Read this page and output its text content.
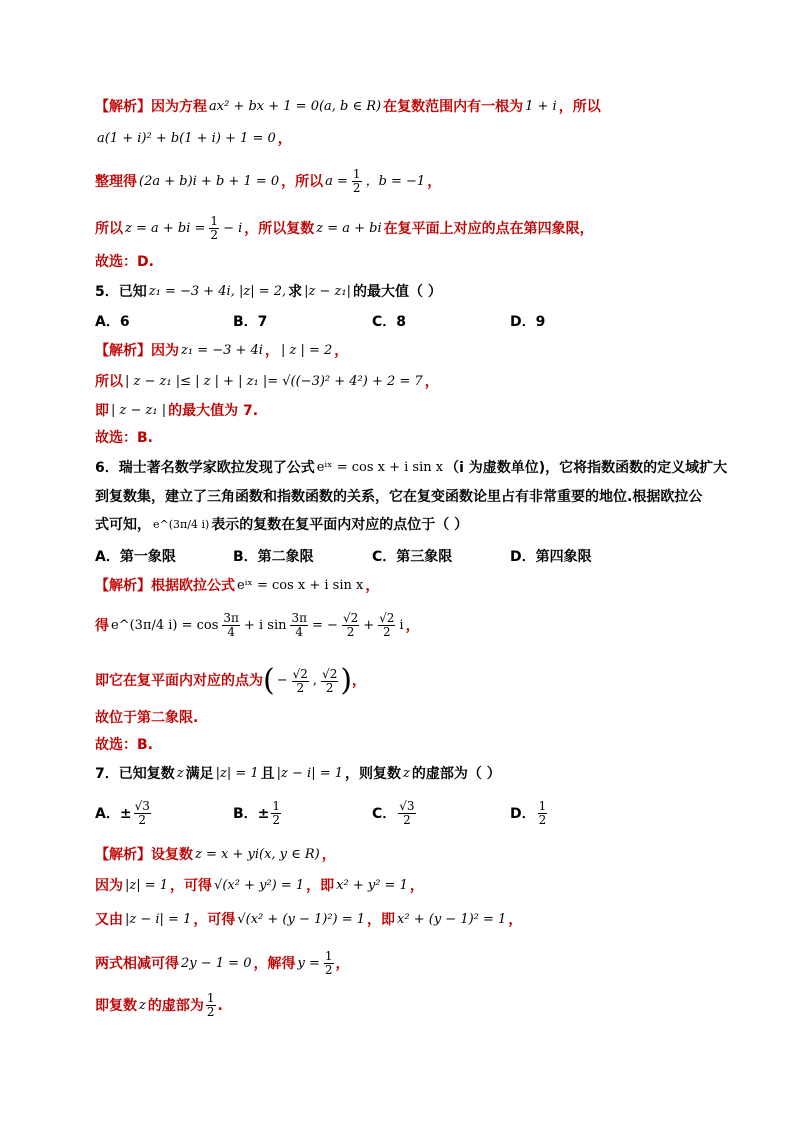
【解析】 因为方程 ax² + bx + 1 = 0(a, b ∈ R) 在复数范围内有一根为 1 + i ，所以
a(1 + i)² + b(1 + i) + 1 = 0 ，
整理得 (2a + b)i + b + 1 = 0 ，所以 $a = \frac{1}{2}$ ，b = −1 ，
所以 z = a + bi = $\frac{1}{2} - i$ ，所以复数 z = a + bi 在复平面上对应的点在第四象限，
故选：D.
5．已知 z₁ = −3 + 4i, |z| = 2, 求 |z − z₁| 的最大值（ ）
A．6	B．7	C．8	D．9
【解析】 因为 z₁ = −3 + 4i ， | z | = 2 ，
所以 | z − z₁ |≤ | z | + | z₁ |= √((−3)² + 4²) + 2 = 7 ，
即 | z − z₁ | 的最大值为 7.
故选：B.
6．瑞士著名数学家欧拉发现了公式 eⁱˣ = cos x + i sin x （i 为虚数单位)，它将指数函数的定义域扩大
到复数集，建立了三角函数和指数函数的关系，它在复变函数论里占有非常重要的地位.根据欧拉公
式可知， e^(3π/4 i) 表示的复数在复平面内对应的点位于（ ）
A．第一象限	B．第二象限	C．第三象限	D．第四象限
【解析】 根据欧拉公式 eⁱˣ = cos x + i sin x ，
得 e^(3π/4 $i) = \cos \frac{3\pi}{4} + i$ $\sin \frac{3\pi}{4}$ = − $\frac{√2}{2} + \frac{√2}{2}$ i ，
即它在复平面内对应的点为 ( − $\frac{√2}{2}$ , $\frac{√2}{2}$ ) ，
故位于第二象限.
故选：B.
7．已知复数 z 满足 |z| = 1 且 |z − i| = 1 ，则复数 z 的虚部为（ ）
A．± $\frac{√3}{2}$	B．± $\frac{1}{2}$	C． $\frac{√3}{2}$	D． $\frac{1}{2}$
【解析】 设复数 z = x + yi(x, y ∈ R) ，
因为 |z| = 1 ，可得 √(x² + y²) = 1 ，即 x² + y² = 1 ，
又由 |z − i| = 1 ，可得 √(x² + (y − 1)²) = 1 ，即 x² + (y − 1)² = 1 ，
两式相减可得 2y − 1 = 0 ，解得 $y = \frac{1}{2}$ ，
即复数 z 的虚部为 $\frac{1}{2}$ .
